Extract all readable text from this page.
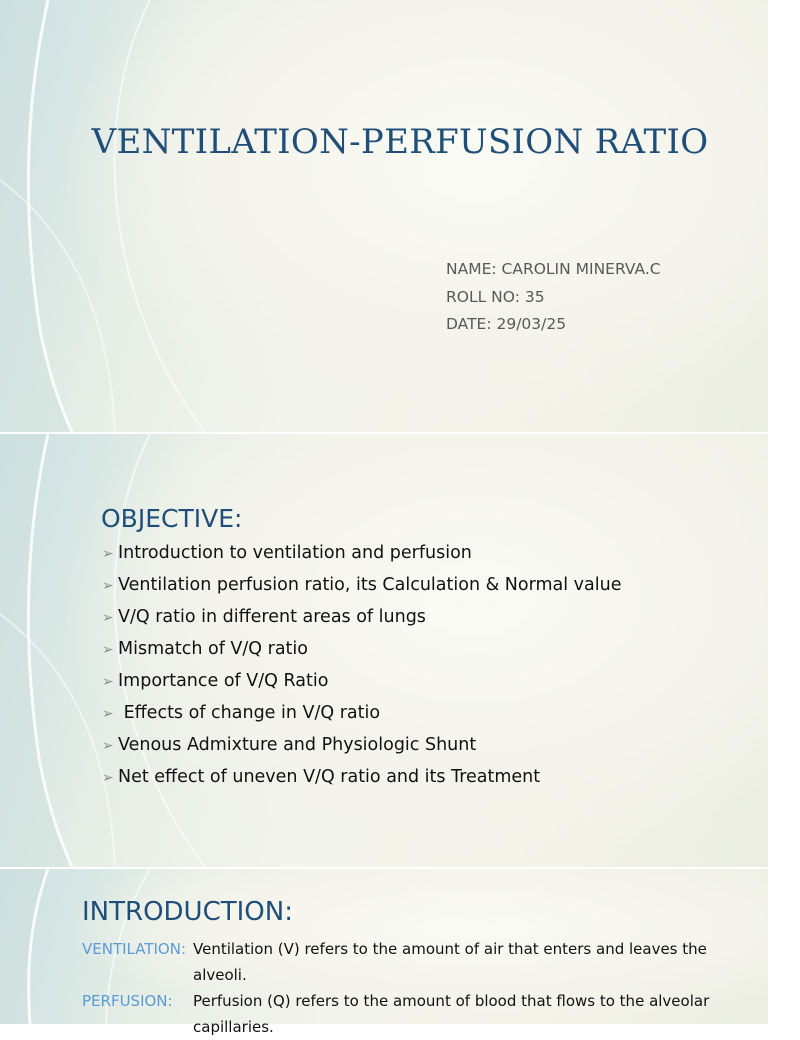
VENTILATION-PERFUSION RATIO
NAME: CAROLIN MINERVA.C
ROLL NO: 35
DATE: 29/03/25
OBJECTIVE:
➢ Introduction to ventilation and perfusion
➢ Ventilation perfusion ratio, its Calculation & Normal value
➢ V/Q ratio in different areas of lungs
➢ Mismatch of V/Q ratio
➢ Importance of V/Q Ratio
➢ Effects of change in V/Q ratio
➢ Venous Admixture and Physiologic Shunt
➢ Net effect of uneven V/Q ratio and its Treatment
INTRODUCTION:
VENTILATION: Ventilation (V) refers to the amount of air that enters and leaves the alveoli.
PERFUSION:	Perfusion (Q) refers to the amount of blood that flows to the alveolar capillaries.
